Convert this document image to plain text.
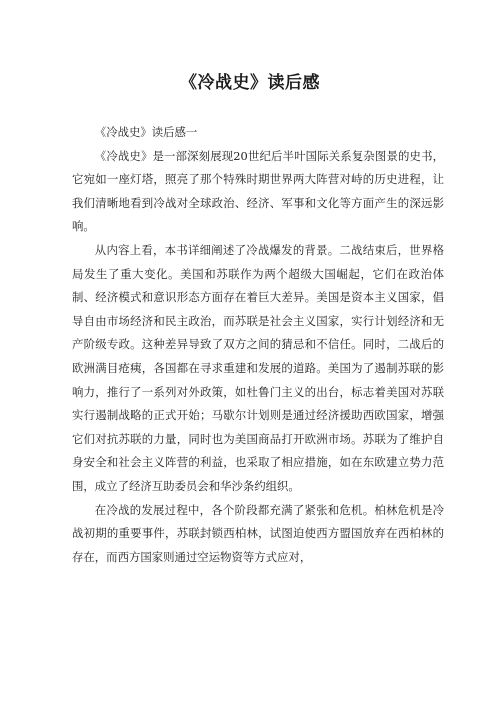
《冷战史》读后感

《冷战史》读后感一

《冷战史》是一部深刻展现20世纪后半叶国际关系复杂图景的史书，它宛如一座灯塔，照亮了那个特殊时期世界两大阵营对峙的历史进程，让我们清晰地看到冷战对全球政治、经济、军事和文化等方面产生的深远影响。

从内容上看，本书详细阐述了冷战爆发的背景。二战结束后，世界格局发生了重大变化。美国和苏联作为两个超级大国崛起，它们在政治体制、经济模式和意识形态方面存在着巨大差异。美国是资本主义国家，倡导自由市场经济和民主政治，而苏联是社会主义国家，实行计划经济和无产阶级专政。这种差异导致了双方之间的猜忌和不信任。同时，二战后的欧洲满目疮痍，各国都在寻求重建和发展的道路。美国为了遏制苏联的影响力，推行了一系列对外政策，如杜鲁门主义的出台，标志着美国对苏联实行遏制战略的正式开始；马歇尔计划则是通过经济援助西欧国家，增强它们对抗苏联的力量，同时也为美国商品打开欧洲市场。苏联为了维护自身安全和社会主义阵营的利益，也采取了相应措施，如在东欧建立势力范围，成立了经济互助委员会和华沙条约组织。

在冷战的发展过程中，各个阶段都充满了紧张和危机。柏林危机是冷战初期的重要事件，苏联封锁西柏林，试图迫使西方盟国放弃在西柏林的存在，而西方国家则通过空运物资等方式应对，
